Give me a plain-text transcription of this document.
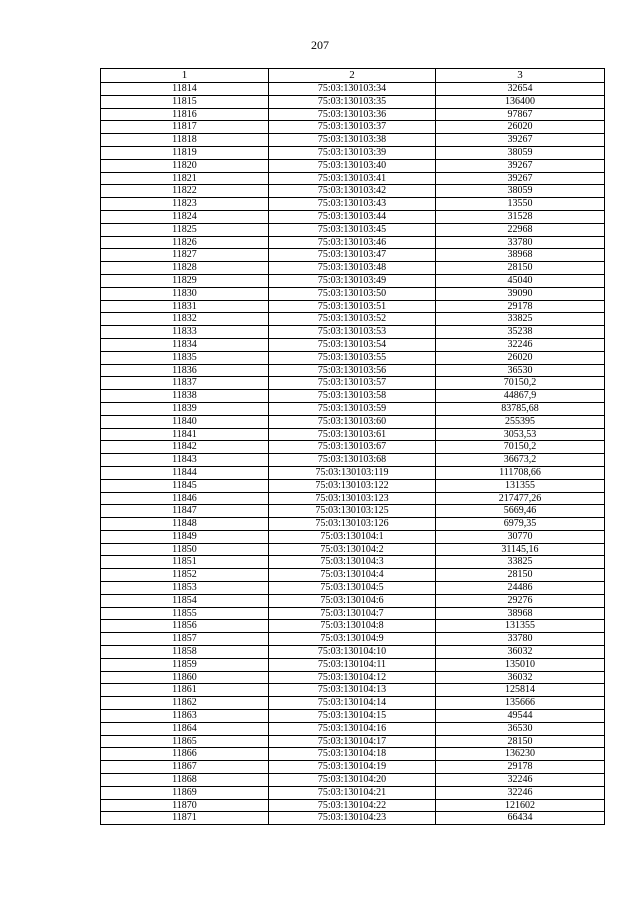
207
1	2	3
11814	75:03:130103:34	32654
11815	75:03:130103:35	136400
11816	75:03:130103:36	97867
11817	75:03:130103:37	26020
11818	75:03:130103:38	39267
11819	75:03:130103:39	38059
11820	75:03:130103:40	39267
11821	75:03:130103:41	39267
11822	75:03:130103:42	38059
11823	75:03:130103:43	13550
11824	75:03:130103:44	31528
11825	75:03:130103:45	22968
11826	75:03:130103:46	33780
11827	75:03:130103:47	38968
11828	75:03:130103:48	28150
11829	75:03:130103:49	45040
11830	75:03:130103:50	39090
11831	75:03:130103:51	29178
11832	75:03:130103:52	33825
11833	75:03:130103:53	35238
11834	75:03:130103:54	32246
11835	75:03:130103:55	26020
11836	75:03:130103:56	36530
11837	75:03:130103:57	70150,2
11838	75:03:130103:58	44867,9
11839	75:03:130103:59	83785,68
11840	75:03:130103:60	255395
11841	75:03:130103:61	3053,53
11842	75:03:130103:67	70150,2
11843	75:03:130103:68	36673,2
11844	75:03:130103:119	111708,66
11845	75:03:130103:122	131355
11846	75:03:130103:123	217477,26
11847	75:03:130103:125	5669,46
11848	75:03:130103:126	6979,35
11849	75:03:130104:1	30770
11850	75:03:130104:2	31145,16
11851	75:03:130104:3	33825
11852	75:03:130104:4	28150
11853	75:03:130104:5	24486
11854	75:03:130104:6	29276
11855	75:03:130104:7	38968
11856	75:03:130104:8	131355
11857	75:03:130104:9	33780
11858	75:03:130104:10	36032
11859	75:03:130104:11	135010
11860	75:03:130104:12	36032
11861	75:03:130104:13	125814
11862	75:03:130104:14	135666
11863	75:03:130104:15	49544
11864	75:03:130104:16	36530
11865	75:03:130104:17	28150
11866	75:03:130104:18	136230
11867	75:03:130104:19	29178
11868	75:03:130104:20	32246
11869	75:03:130104:21	32246
11870	75:03:130104:22	121602
11871	75:03:130104:23	66434
